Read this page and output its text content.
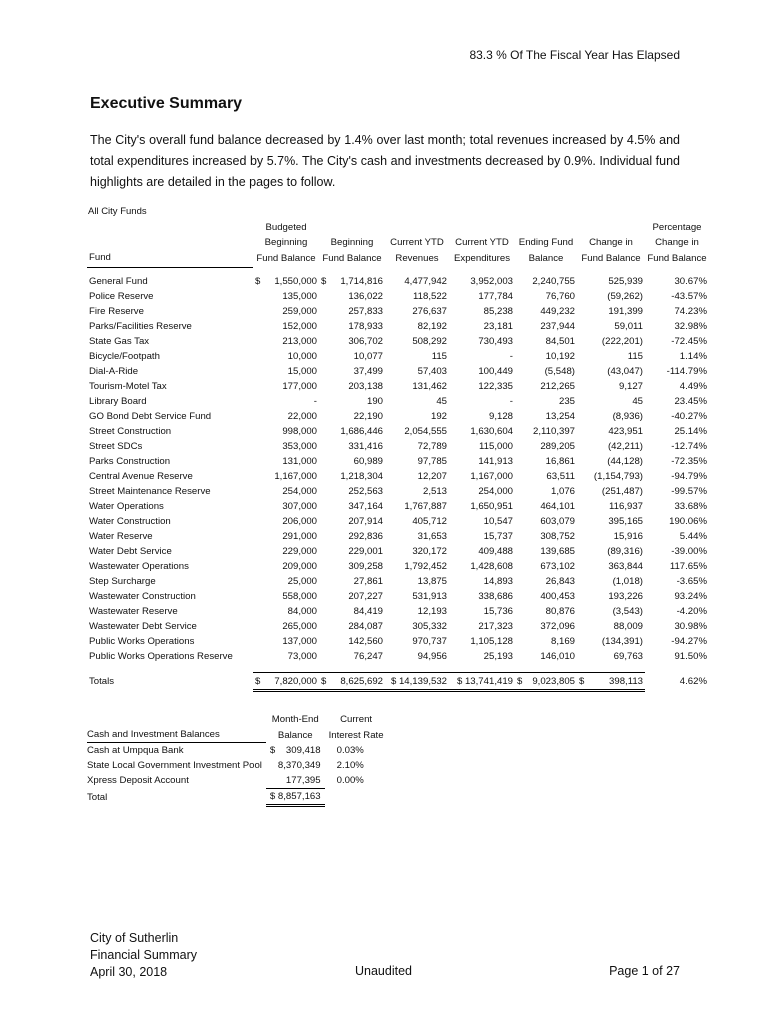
83.3 % Of The Fiscal Year Has Elapsed
Executive Summary
The City's overall fund balance decreased by 1.4% over last month; total revenues increased by 4.5% and total expenditures increased by 5.7%. The City's cash and investments decreased by 0.9%. Individual fund highlights are detailed in the pages to follow.
All City Funds
	Budgeted						Percentage
	Beginning	Beginning	Current YTD	Current YTD	Ending Fund	Change in	Change in
Fund	Fund Balance	Fund Balance	Revenues	Expenditures	Balance	Fund Balance	Fund Balance

General Fund	$ 1,550,000	$ 1,714,816	4,477,942	3,952,003	2,240,755	525,939	30.67%
Police Reserve	135,000	136,022	118,522	177,784	76,760	(59,262)	-43.57%
Fire Reserve	259,000	257,833	276,637	85,238	449,232	191,399	74.23%
Parks/Facilities Reserve	152,000	178,933	82,192	23,181	237,944	59,011	32.98%
State Gas Tax	213,000	306,702	508,292	730,493	84,501	(222,201)	-72.45%
Bicycle/Footpath	10,000	10,077	115	-	10,192	115	1.14%
Dial-A-Ride	15,000	37,499	57,403	100,449	(5,548)	(43,047)	-114.79%
Tourism-Motel Tax	177,000	203,138	131,462	122,335	212,265	9,127	4.49%
Library Board	-	190	45	-	235	45	23.45%
GO Bond Debt Service Fund	22,000	22,190	192	9,128	13,254	(8,936)	-40.27%
Street Construction	998,000	1,686,446	2,054,555	1,630,604	2,110,397	423,951	25.14%
Street SDCs	353,000	331,416	72,789	115,000	289,205	(42,211)	-12.74%
Parks Construction	131,000	60,989	97,785	141,913	16,861	(44,128)	-72.35%
Central Avenue Reserve	1,167,000	1,218,304	12,207	1,167,000	63,511	(1,154,793)	-94.79%
Street Maintenance Reserve	254,000	252,563	2,513	254,000	1,076	(251,487)	-99.57%
Water Operations	307,000	347,164	1,767,887	1,650,951	464,101	116,937	33.68%
Water Construction	206,000	207,914	405,712	10,547	603,079	395,165	190.06%
Water Reserve	291,000	292,836	31,653	15,737	308,752	15,916	5.44%
Water Debt Service	229,000	229,001	320,172	409,488	139,685	(89,316)	-39.00%
Wastewater Operations	209,000	309,258	1,792,452	1,428,608	673,102	363,844	117.65%
Step Surcharge	25,000	27,861	13,875	14,893	26,843	(1,018)	-3.65%
Wastewater Construction	558,000	207,227	531,913	338,686	400,453	193,226	93.24%
Wastewater Reserve	84,000	84,419	12,193	15,736	80,876	(3,543)	-4.20%
Wastewater Debt Service	265,000	284,087	305,332	217,323	372,096	88,009	30.98%
Public Works Operations	137,000	142,560	970,737	1,105,128	8,169	(134,391)	-94.27%
Public Works Operations Reserve	73,000	76,247	94,956	25,193	146,010	69,763	91.50%

Totals	$ 7,820,000	$ 8,625,692	$ 14,139,532	$ 13,741,419	$ 9,023,805	$ 398,113	4.62%
	Month-End	Current
Cash and Investment Balances	Balance	Interest Rate
Cash at Umpqua Bank	$ 309,418	0.03%
State Local Government Investment Pool	8,370,349	2.10%
Xpress Deposit Account	177,395	0.00%
Total	$ 8,857,163	
City of Sutherlin
Financial Summary
April 30, 2018	Unaudited	Page 1 of 27
